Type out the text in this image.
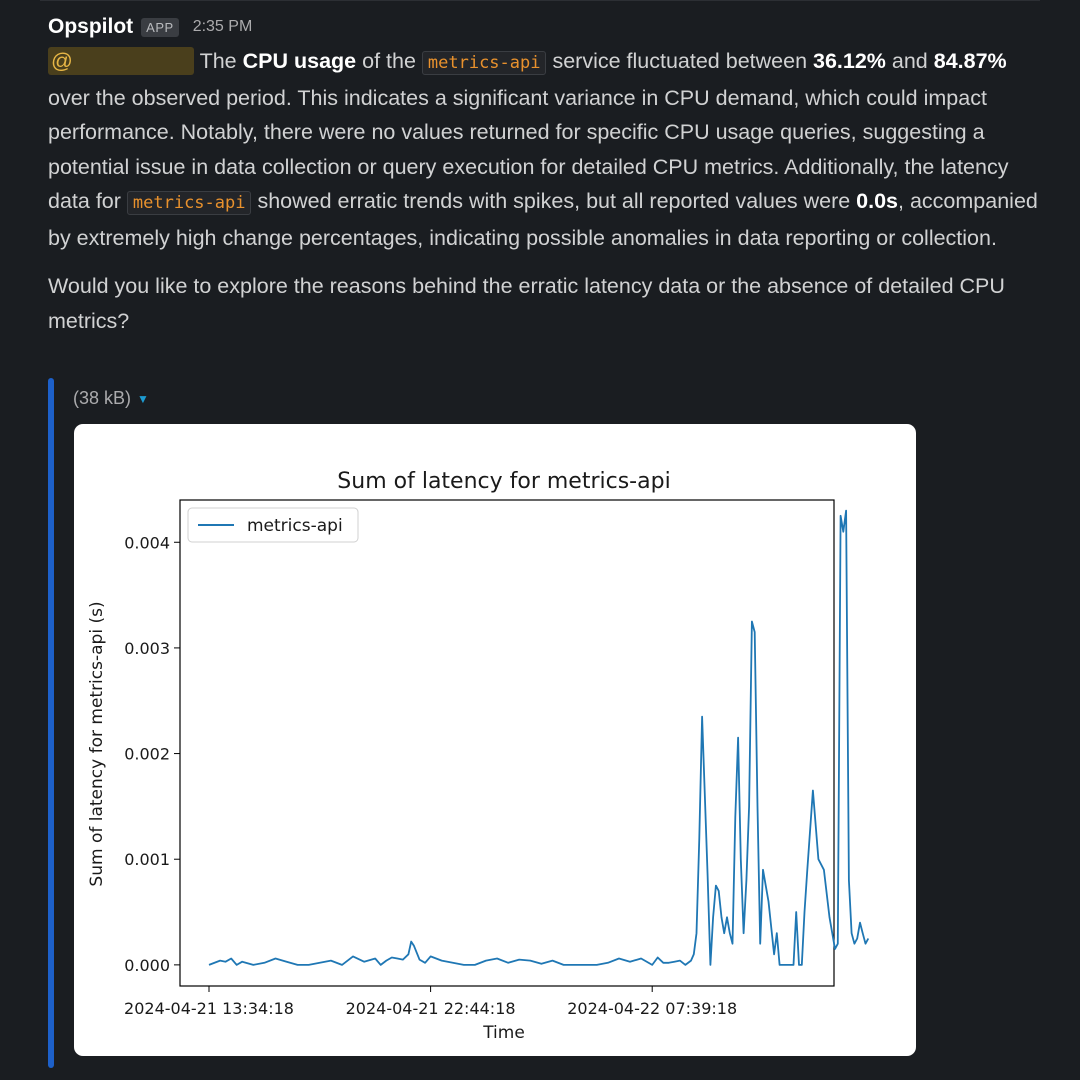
Opspilot	APP	2:35 PM

@	The CPU usage of the metrics-api service fluctuated between 36.12% and 84.87% over the observed period. This indicates a significant variance in CPU demand, which could impact performance. Notably, there were no values returned for specific CPU usage queries, suggesting a potential issue in data collection or query execution for detailed CPU metrics. Additionally, the latency data for metrics-api showed erratic trends with spikes, but all reported values were 0.0s, accompanied by extremely high change percentages, indicating possible anomalies in data reporting or collection.

Would you like to explore the reasons behind the erratic latency data or the absence of detailed CPU metrics?

(38 kB) ▼
Sum of latency for metrics-api
0.000
0.001
0.002
0.003
0.004
2024-04-21 13:34:18	2024-04-21 22:44:18	2024-04-22 07:39:18
metrics-api
Time
Sum of latency for metrics-api (s)
